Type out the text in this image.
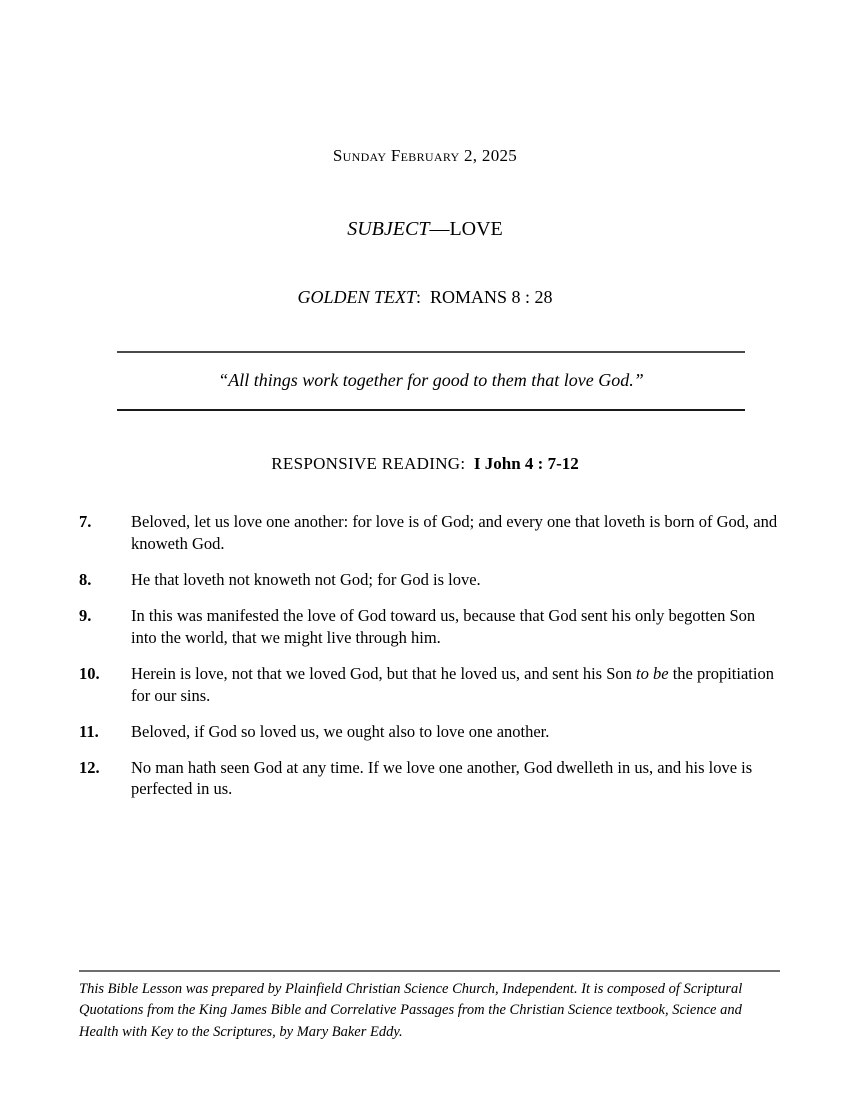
Sunday February 2, 2025
SUBJECT—LOVE
GOLDEN TEXT: ROMANS 8 : 28
“All things work together for good to them that love God.”
RESPONSIVE READING: I John 4 : 7-12
7. Beloved, let us love one another: for love is of God; and every one that loveth is born of God, and knoweth God.
8. He that loveth not knoweth not God; for God is love.
9. In this was manifested the love of God toward us, because that God sent his only begotten Son into the world, that we might live through him.
10. Herein is love, not that we loved God, but that he loved us, and sent his Son to be the propitiation for our sins.
11. Beloved, if God so loved us, we ought also to love one another.
12. No man hath seen God at any time. If we love one another, God dwelleth in us, and his love is perfected in us.
This Bible Lesson was prepared by Plainfield Christian Science Church, Independent. It is composed of Scriptural Quotations from the King James Bible and Correlative Passages from the Christian Science textbook, Science and Health with Key to the Scriptures, by Mary Baker Eddy.
